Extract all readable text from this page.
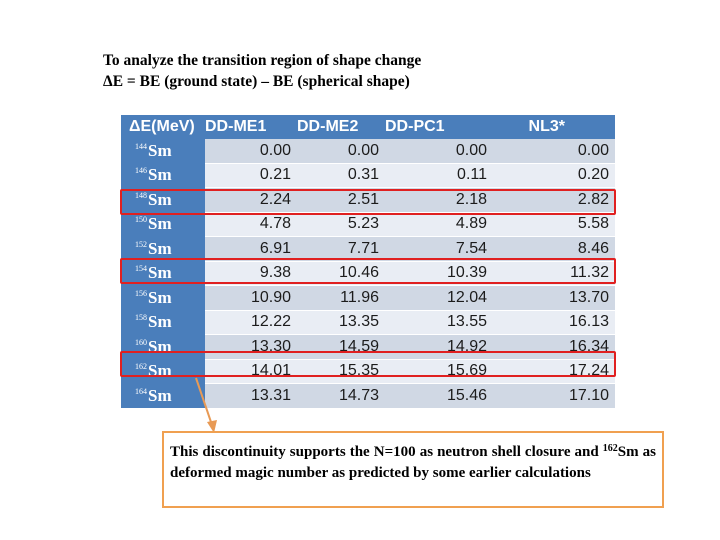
To analyze the transition region of shape change
ΔE = BE (ground state) – BE (spherical shape)
ΔE(MeV)	DD-ME1	DD-ME2	DD-PC1	NL3*
$^{144}$Sm	0.00	0.00	0.00	0.00
$^{146}$Sm	0.21	0.31	0.11	0.20
$^{148}$Sm	2.24	2.51	2.18	2.82
$^{150}$Sm	4.78	5.23	4.89	5.58
$^{152}$Sm	6.91	7.71	7.54	8.46
$^{154}$Sm	9.38	10.46	10.39	11.32
$^{156}$Sm	10.90	11.96	12.04	13.70
$^{158}$Sm	12.22	13.35	13.55	16.13
$^{160}$Sm	13.30	14.59	14.92	16.34
$^{162}$Sm	14.01	15.35	15.69	17.24
$^{164}$Sm	13.31	14.73	15.46	17.10
This discontinuity supports the N=100 as neutron shell closure and $^{162}$Sm as deformed magic number as predicted by some earlier calculations
